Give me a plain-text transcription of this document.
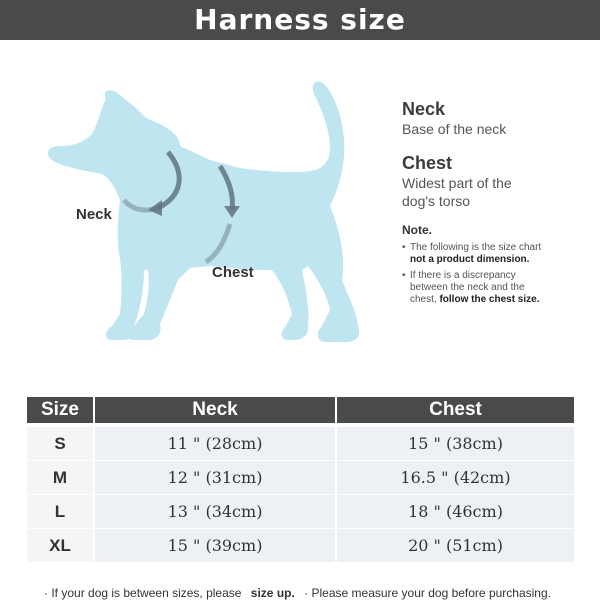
Harness size
Neck
Chest
Neck

Base of the neck

Chest

Widest part of the

dog's torso

Note.
• The following is the size chart
not a product dimension.
• If there is a discrepancy
between the neck and the
chest, follow the chest size.
Size	Neck	Chest
S	11 " (28cm)	15 " (38cm)
M	12 " (31cm)	16.5 " (42cm)
L	13 " (34cm)	18 " (46cm)
XL	15 " (39cm)	20 " (51cm)
· If your dog is between sizes, please size up. · Please measure your dog before purchasing.
